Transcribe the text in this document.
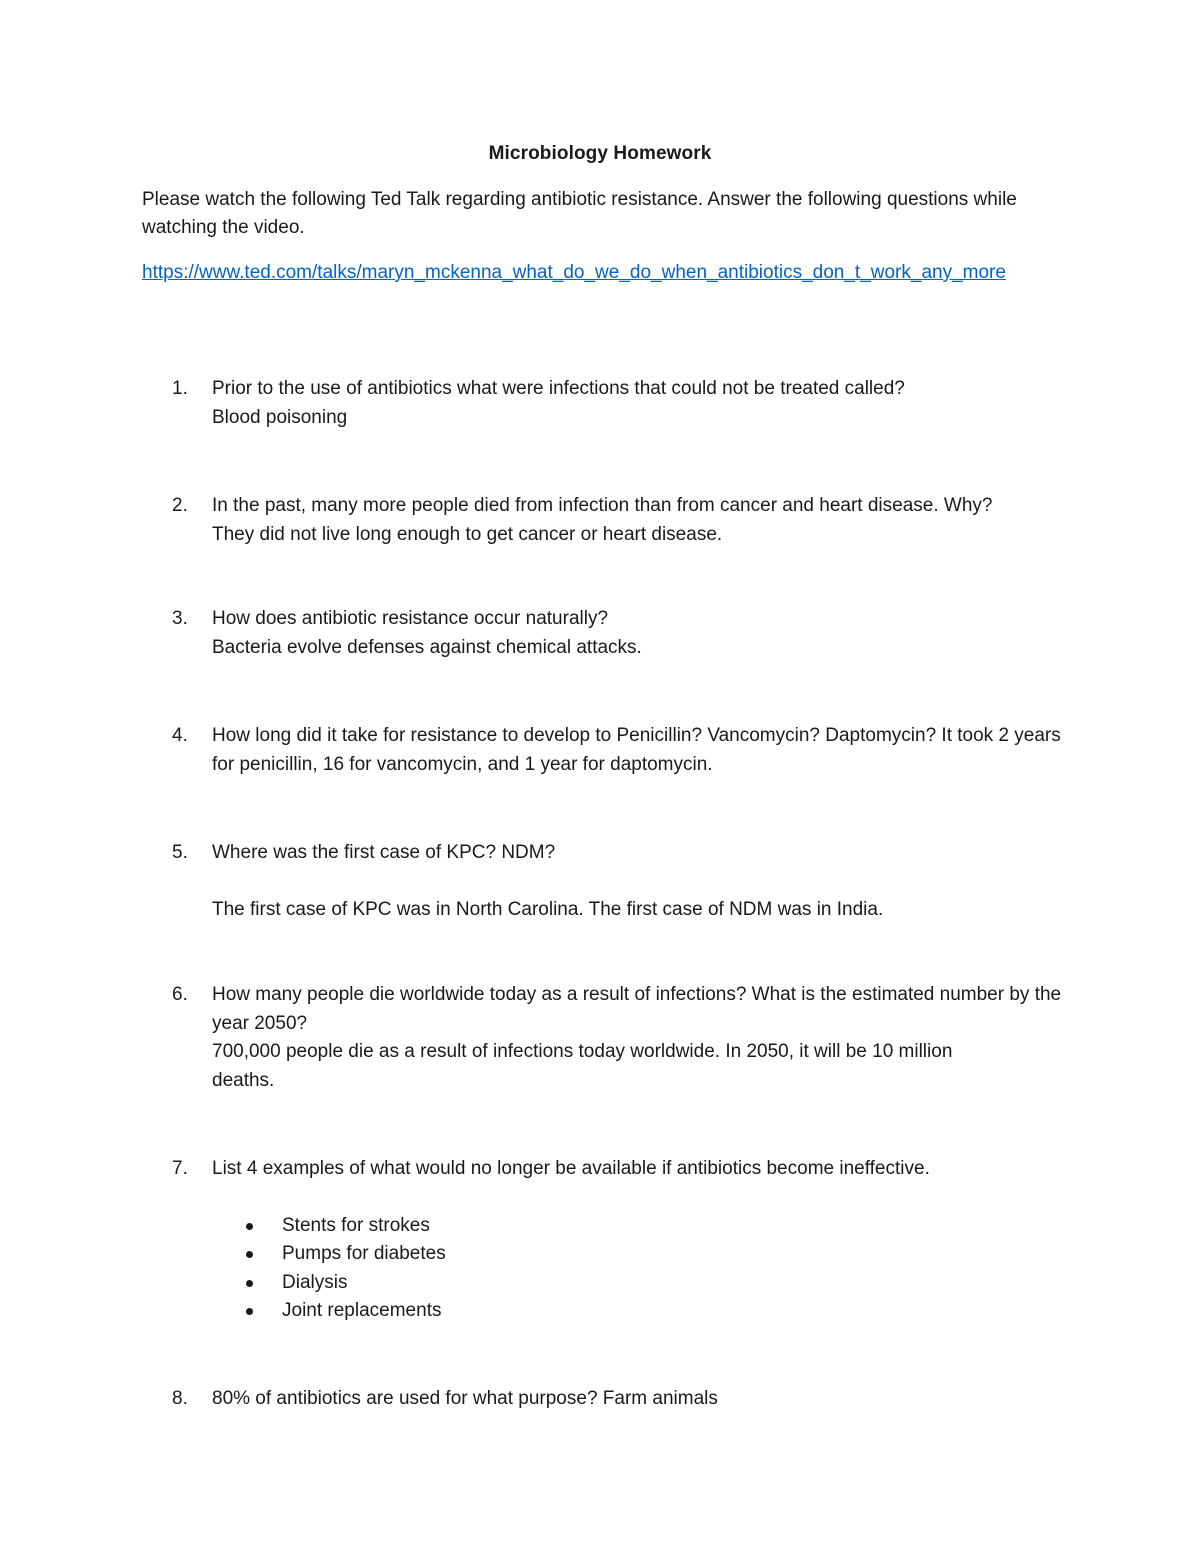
Microbiology Homework

Please watch the following Ted Talk regarding antibiotic resistance. Answer the following questions while watching the video.

https://www.ted.com/talks/maryn_mckenna_what_do_we_do_when_antibiotics_don_t_work_any_more
1. Prior to the use of antibiotics what were infections that could not be treated called?

Blood poisoning

2. In the past, many more people died from infection than from cancer and heart disease. Why?

They did not live long enough to get cancer or heart disease.

3. How does antibiotic resistance occur naturally?

Bacteria evolve defenses against chemical attacks.

4. How long did it take for resistance to develop to Penicillin? Vancomycin? Daptomycin? It took 2 years for penicillin, 16 for vancomycin, and 1 year for daptomycin.

5. Where was the first case of KPC? NDM?

The first case of KPC was in North Carolina. The first case of NDM was in India.

6. How many people die worldwide today as a result of infections? What is the estimated number by the year 2050?

700,000 people die as a result of infections today worldwide. In 2050, it will be 10 million deaths.

7. List 4 examples of what would no longer be available if antibiotics become ineffective.

Stents for strokes
Pumps for diabetes
Dialysis
Joint replacements
8. 80% of antibiotics are used for what purpose? Farm animals
